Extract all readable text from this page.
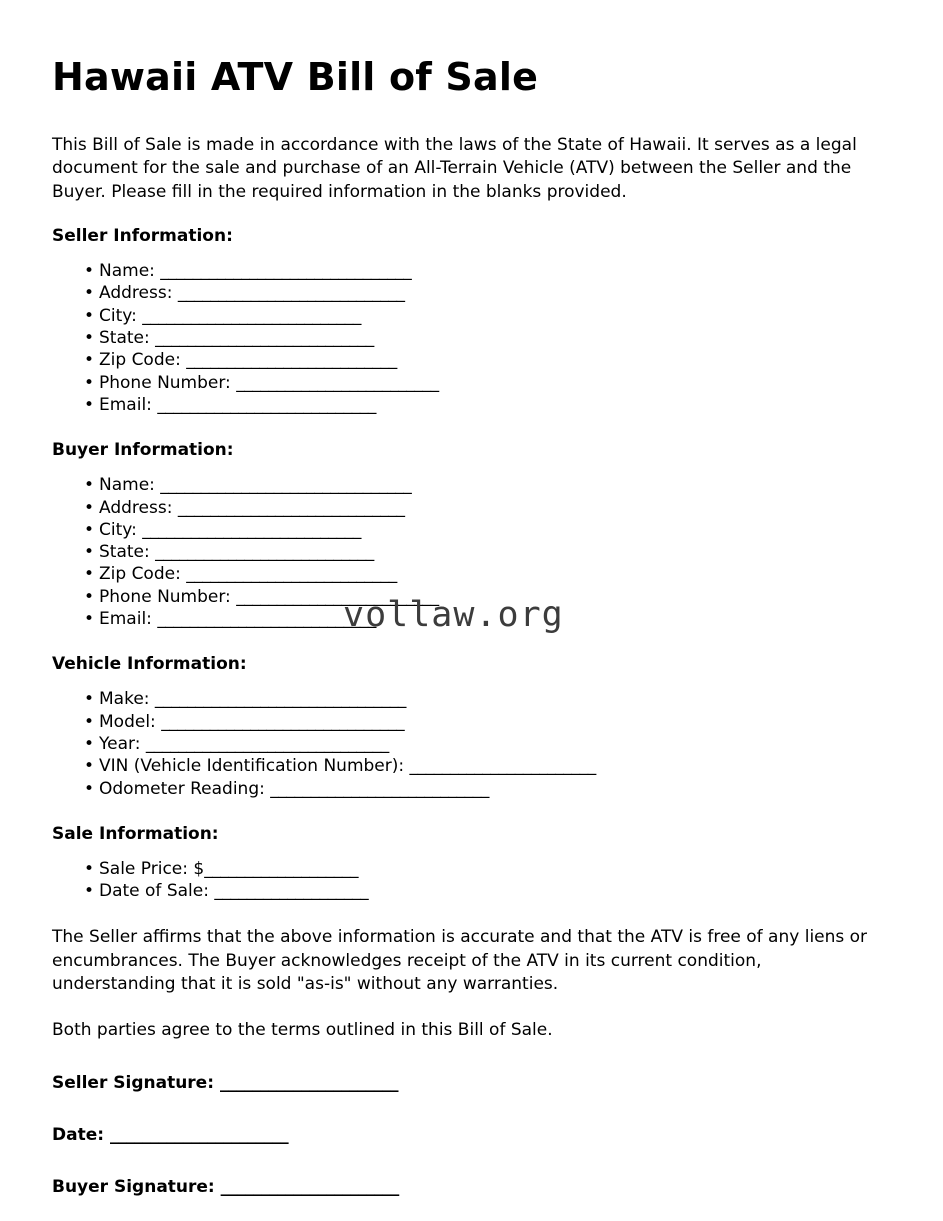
Hawaii ATV Bill of Sale

This Bill of Sale is made in accordance with the laws of the State of Hawaii. It serves as a legal document for the sale and purchase of an All-Terrain Vehicle (ATV) between the Seller and the Buyer. Please fill in the required information in the blanks provided.

Seller Information:
• Name: _______________________________
• Address: ____________________________
• City: ___________________________
• State: ___________________________
• Zip Code: __________________________
• Phone Number: _________________________
• Email: ___________________________
Buyer Information:
• Name: _______________________________
• Address: ____________________________
• City: ___________________________
• State: ___________________________
• Zip Code: __________________________
• Phone Number: _________________________
• Email: ___________________________
Vehicle Information:
• Make: _______________________________
• Model: ______________________________
• Year: ______________________________
• VIN (Vehicle Identification Number): _______________________
• Odometer Reading: ___________________________
Sale Information:
• Sale Price: $___________________
• Date of Sale: ___________________

The Seller affirms that the above information is accurate and that the ATV is free of any liens or encumbrances. The Buyer acknowledges receipt of the ATV in its current condition, understanding that it is sold "as-is" without any warranties.

Both parties agree to the terms outlined in this Bill of Sale.

Seller Signature: ______________________
Date: ______________________
Buyer Signature: ______________________
vollaw.org
